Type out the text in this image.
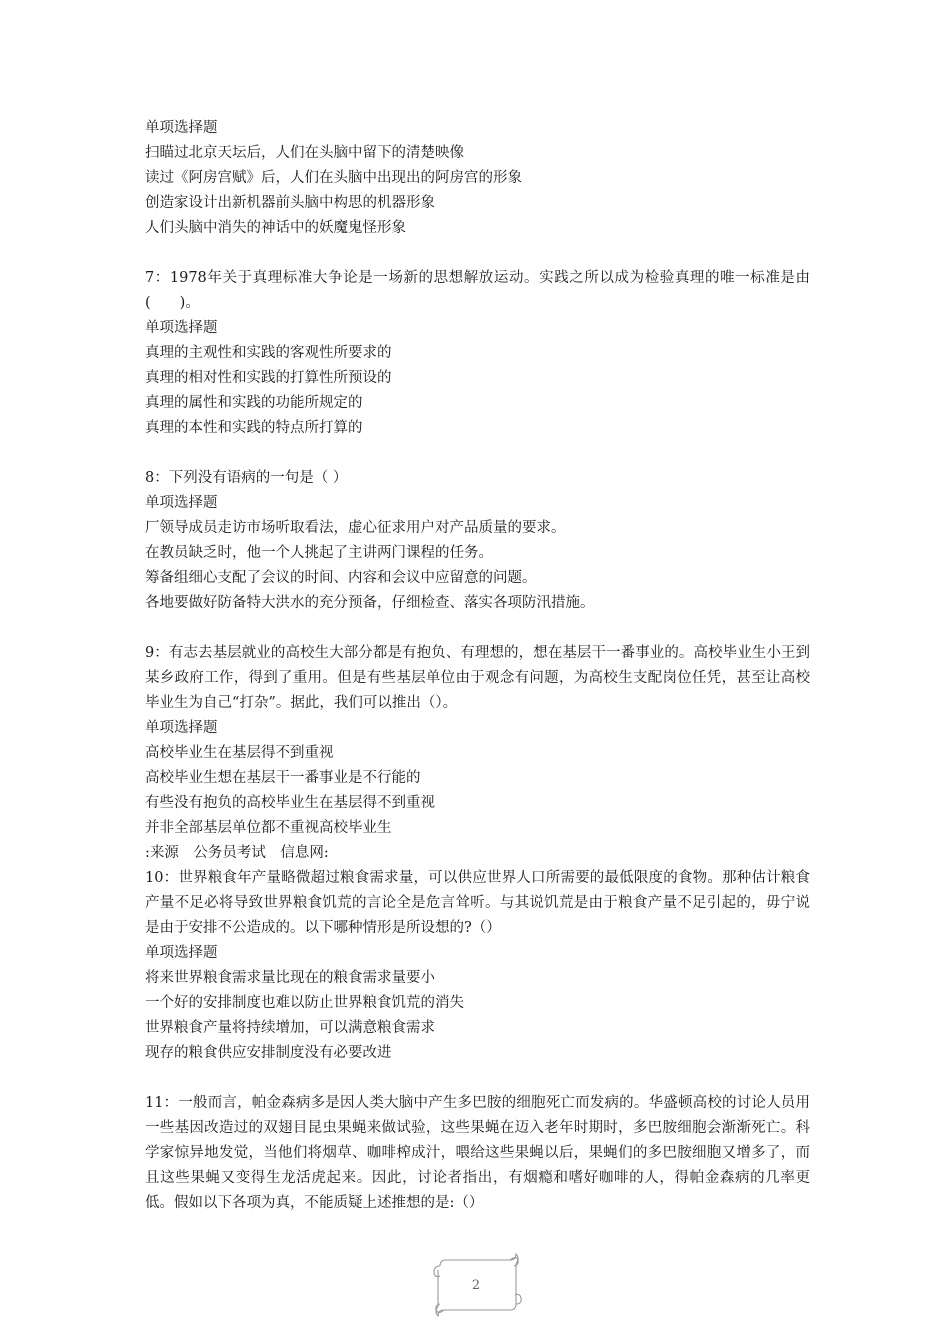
单项选择题
扫瞄过北京天坛后，人们在头脑中留下的清楚映像
读过《阿房宫赋》后，人们在头脑中出现出的阿房宫的形象
创造家设计出新机器前头脑中构思的机器形象
人们头脑中消失的神话中的妖魔鬼怪形象
7：1978年关于真理标准大争论是一场新的思想解放运动。实践之所以成为检验真理的唯一标准是由(　　)。
单项选择题
真理的主观性和实践的客观性所要求的
真理的相对性和实践的打算性所预设的
真理的属性和实践的功能所规定的
真理的本性和实践的特点所打算的
8：下列没有语病的一句是（ ）
单项选择题
厂领导成员走访市场听取看法，虚心征求用户对产品质量的要求。
在教员缺乏时，他一个人挑起了主讲两门课程的任务。
筹备组细心支配了会议的时间、内容和会议中应留意的问题。
各地要做好防备特大洪水的充分预备，仔细检查、落实各项防汛措施。
9：有志去基层就业的高校生大部分都是有抱负、有理想的，想在基层干一番事业的。高校毕业生小王到某乡政府工作，得到了重用。但是有些基层单位由于观念有问题，为高校生支配岗位任凭，甚至让高校毕业生为自己“打杂”。据此，我们可以推出（）。
单项选择题
高校毕业生在基层得不到重视
高校毕业生想在基层干一番事业是不行能的
有些没有抱负的高校毕业生在基层得不到重视
并非全部基层单位都不重视高校毕业生
:来源　公务员考试　信息网:
10：世界粮食年产量略微超过粮食需求量，可以供应世界人口所需要的最低限度的食物。那种估计粮食产量不足必将导致世界粮食饥荒的言论全是危言耸听。与其说饥荒是由于粮食产量不足引起的，毋宁说是由于安排不公造成的。以下哪种情形是所设想的?（）
单项选择题
将来世界粮食需求量比现在的粮食需求量要小
一个好的安排制度也难以防止世界粮食饥荒的消失
世界粮食产量将持续增加，可以满意粮食需求
现存的粮食供应安排制度没有必要改进
11：一般而言，帕金森病多是因人类大脑中产生多巴胺的细胞死亡而发病的。华盛顿高校的讨论人员用一些基因改造过的双翅目昆虫果蝇来做试验，这些果蝇在迈入老年时期时，多巴胺细胞会渐渐死亡。科学家惊异地发觉，当他们将烟草、咖啡榨成汁，喂给这些果蝇以后，果蝇们的多巴胺细胞又增多了，而且这些果蝇又变得生龙活虎起来。因此，讨论者指出，有烟瘾和嗜好咖啡的人，得帕金森病的几率更低。假如以下各项为真，不能质疑上述推想的是:（）
2
